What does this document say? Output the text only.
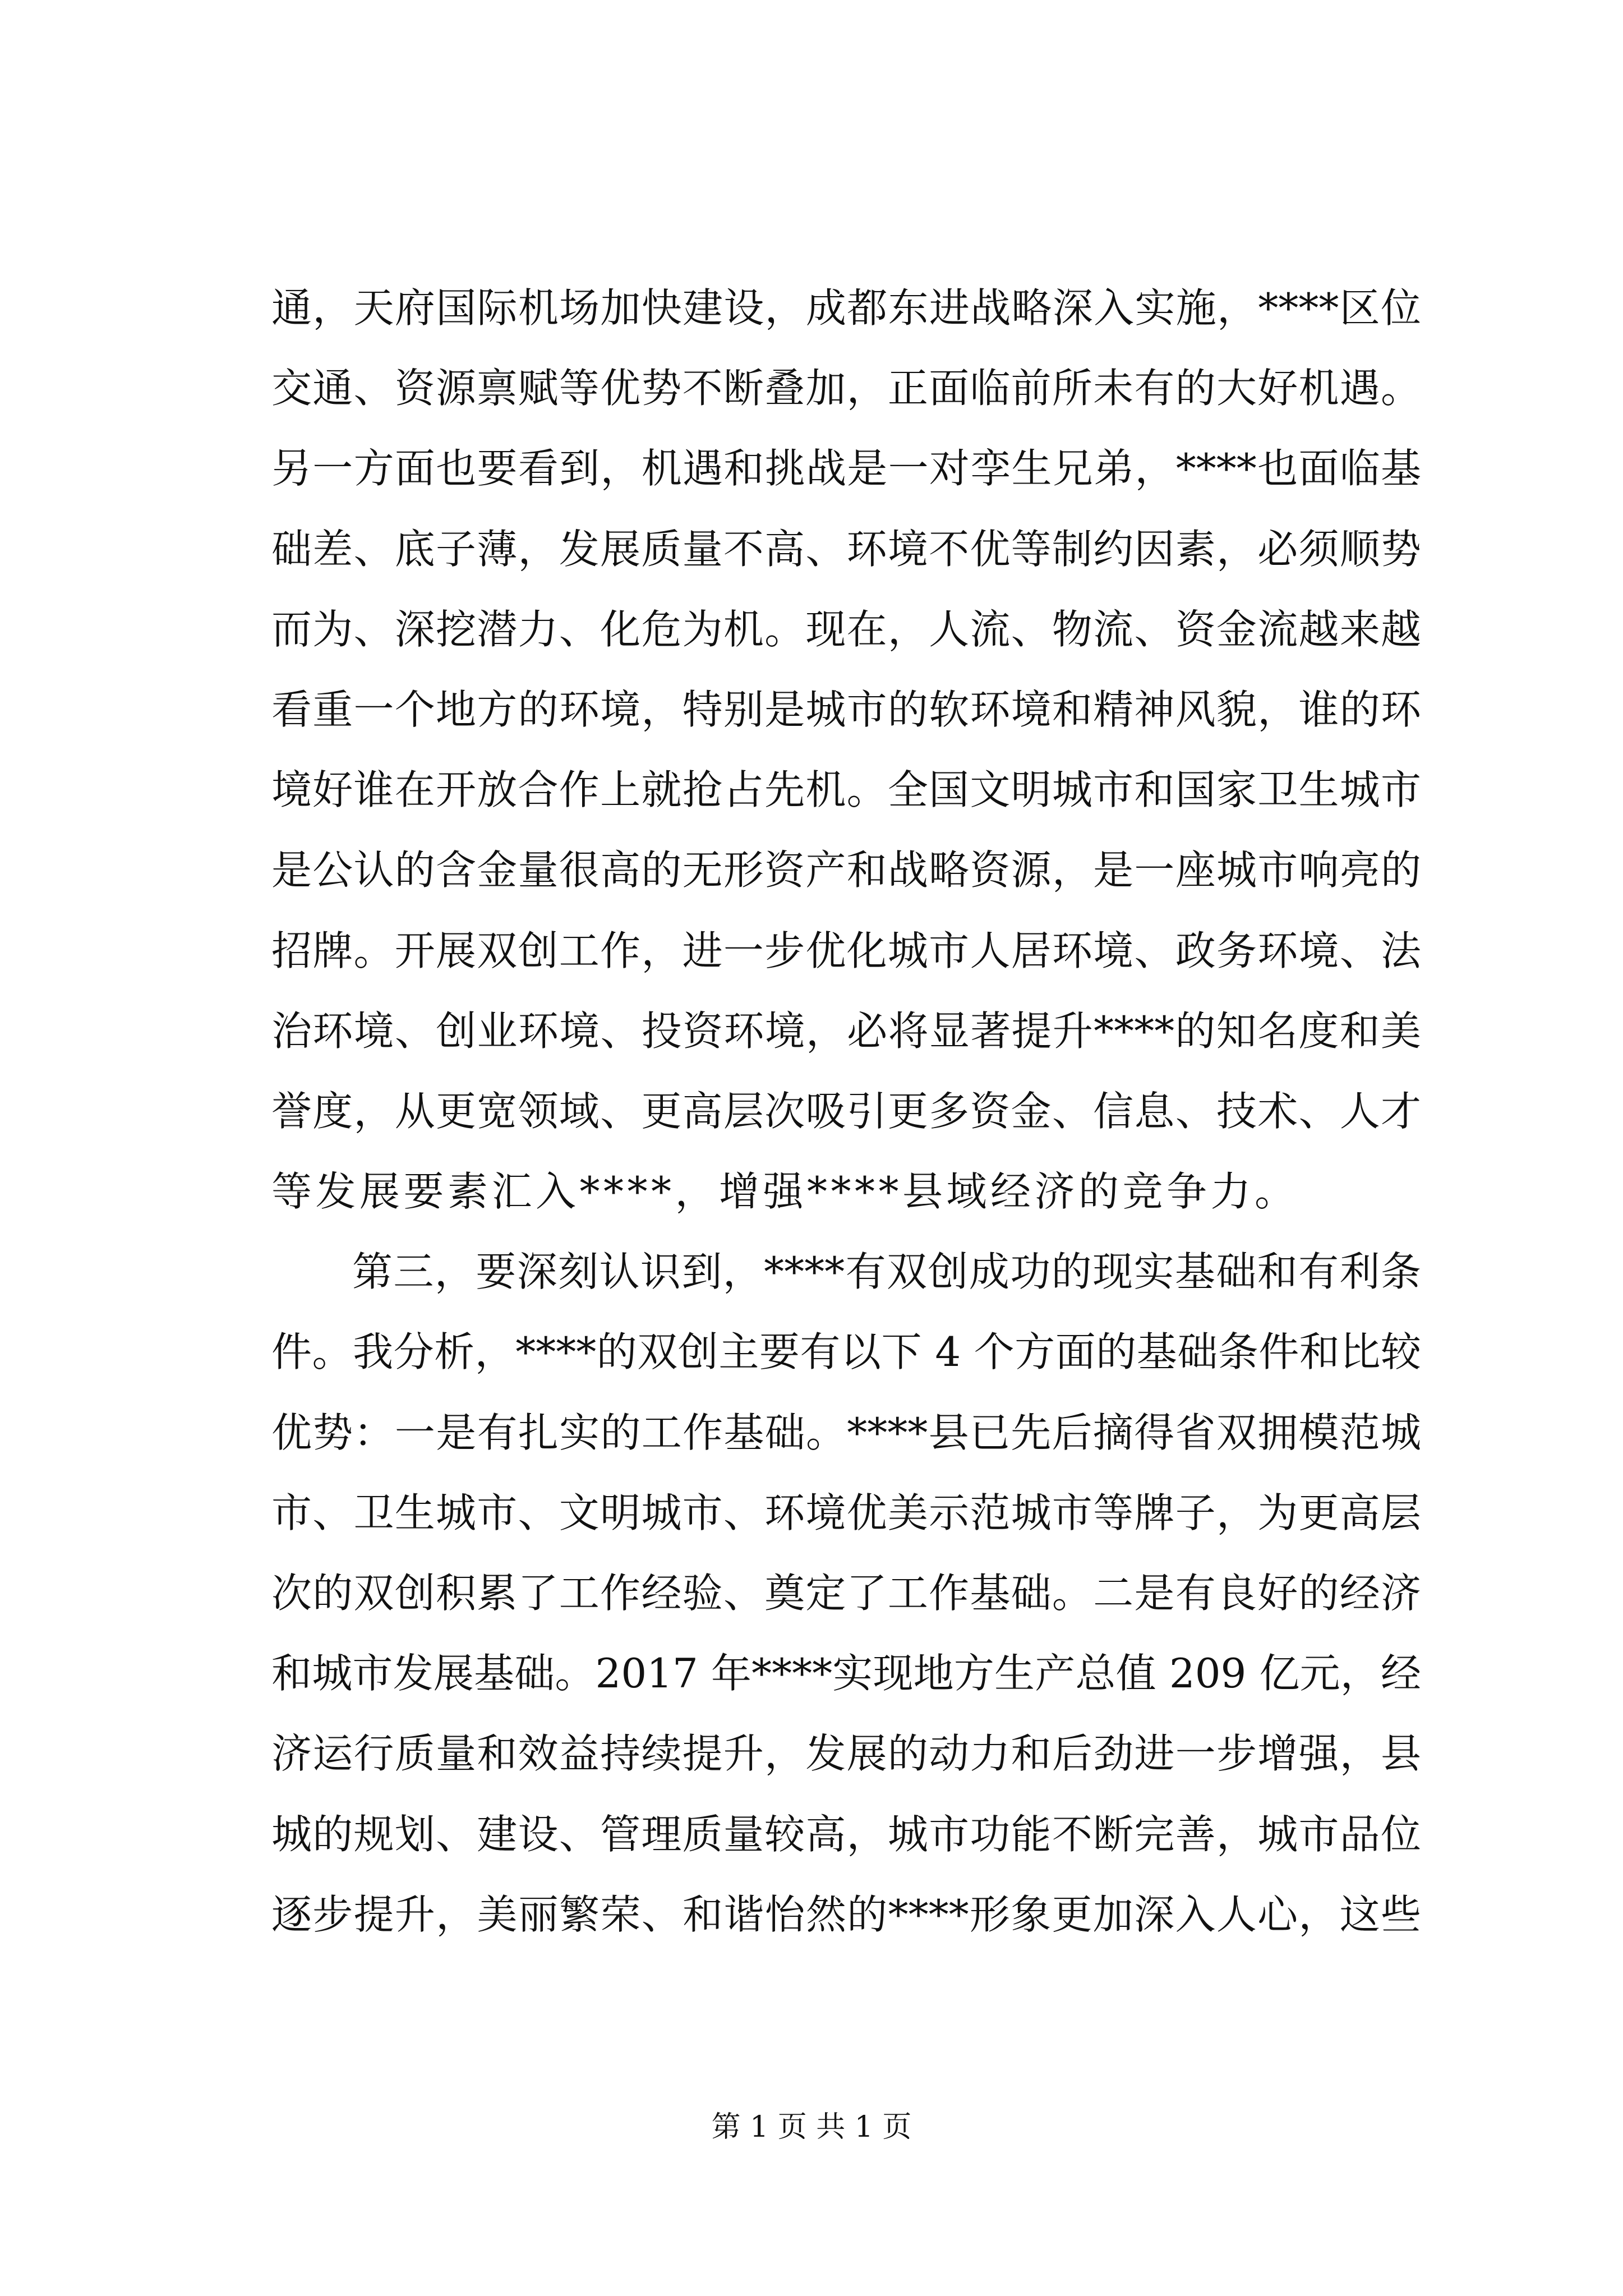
通，天府国际机场加快建设，成都东进战略深入实施，****区位
交通、资源禀赋等优势不断叠加，正面临前所未有的大好机遇。
另一方面也要看到，机遇和挑战是一对孪生兄弟，****也面临基
础差、底子薄，发展质量不高、环境不优等制约因素，必须顺势
而为、深挖潜力、化危为机。现在，人流、物流、资金流越来越
看重一个地方的环境，特别是城市的软环境和精神风貌，谁的环
境好谁在开放合作上就抢占先机。全国文明城市和国家卫生城市
是公认的含金量很高的无形资产和战略资源，是一座城市响亮的
招牌。开展双创工作，进一步优化城市人居环境、政务环境、法
治环境、创业环境、投资环境，必将显著提升****的知名度和美
誉度，从更宽领域、更高层次吸引更多资金、信息、技术、人才
等发展要素汇入****，增强****县域经济的竞争力。
第三，要深刻认识到，****有双创成功的现实基础和有利条
件。我分析，****的双创主要有以下 4 个方面的基础条件和比较
优势：一是有扎实的工作基础。****县已先后摘得省双拥模范城
市、卫生城市、文明城市、环境优美示范城市等牌子，为更高层
次的双创积累了工作经验、奠定了工作基础。二是有良好的经济
和城市发展基础。2017 年****实现地方生产总值 209 亿元，经
济运行质量和效益持续提升，发展的动力和后劲进一步增强，县
城的规划、建设、管理质量较高，城市功能不断完善，城市品位
逐步提升，美丽繁荣、和谐怡然的****形象更加深入人心，这些
第 1 页 共 1 页
